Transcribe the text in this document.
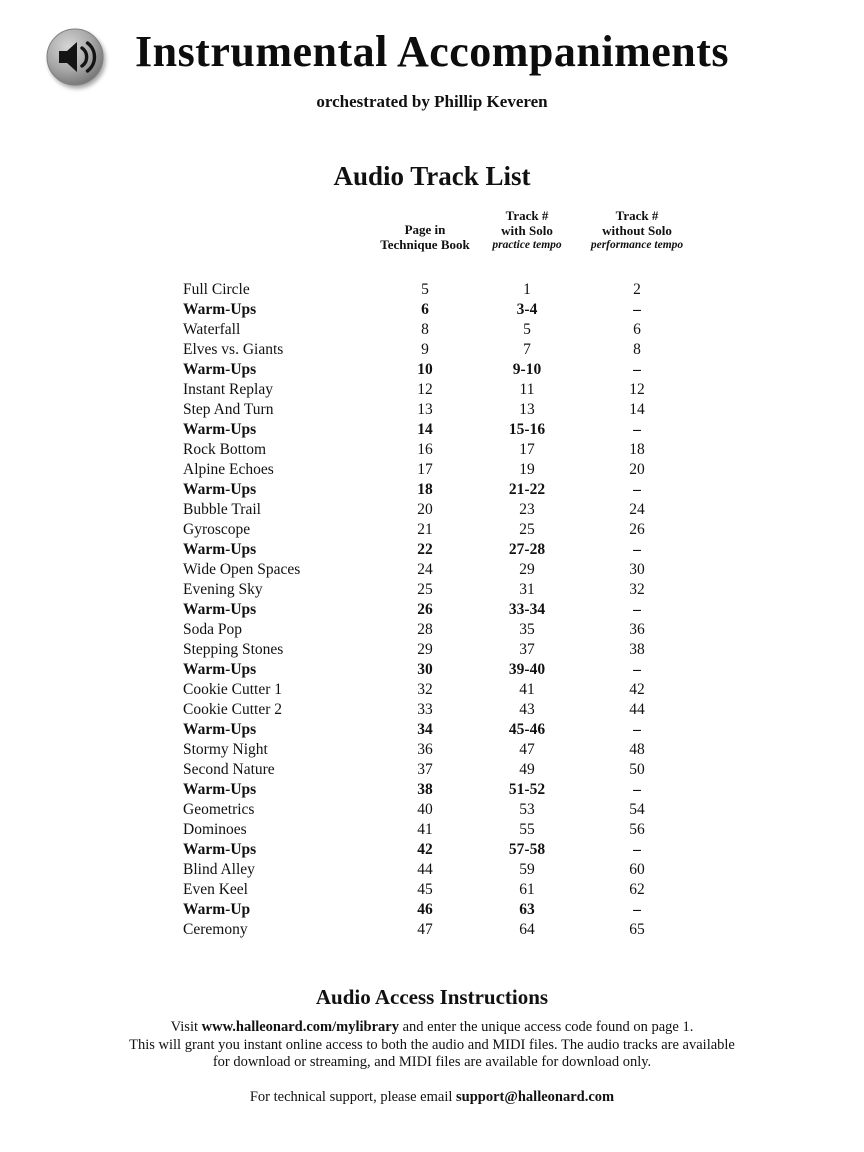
Instrumental Accompaniments
orchestrated by Phillip Keveren
Audio Track List
Page in
Technique Book
Track #
with Solo
practice tempo
Track #
without Solo
performance tempo
Full Circle	5	1	2
Warm-Ups	6	3-4	–
Waterfall	8	5	6
Elves vs. Giants	9	7	8
Warm-Ups	10	9-10	–
Instant Replay	12	11	12
Step And Turn	13	13	14
Warm-Ups	14	15-16	–
Rock Bottom	16	17	18
Alpine Echoes	17	19	20
Warm-Ups	18	21-22	–
Bubble Trail	20	23	24
Gyroscope	21	25	26
Warm-Ups	22	27-28	–
Wide Open Spaces	24	29	30
Evening Sky	25	31	32
Warm-Ups	26	33-34	–
Soda Pop	28	35	36
Stepping Stones	29	37	38
Warm-Ups	30	39-40	–
Cookie Cutter 1	32	41	42
Cookie Cutter 2	33	43	44
Warm-Ups	34	45-46	–
Stormy Night	36	47	48
Second Nature	37	49	50
Warm-Ups	38	51-52	–
Geometrics	40	53	54
Dominoes	41	55	56
Warm-Ups	42	57-58	–
Blind Alley	44	59	60
Even Keel	45	61	62
Warm-Up	46	63	–
Ceremony	47	64	65
Audio Access Instructions

Visit www.halleonard.com/mylibrary and enter the unique access code found on page 1.
This will grant you instant online access to both the audio and MIDI files. The audio tracks are available
for download or streaming, and MIDI files are available for download only.

For technical support, please email support@halleonard.com
